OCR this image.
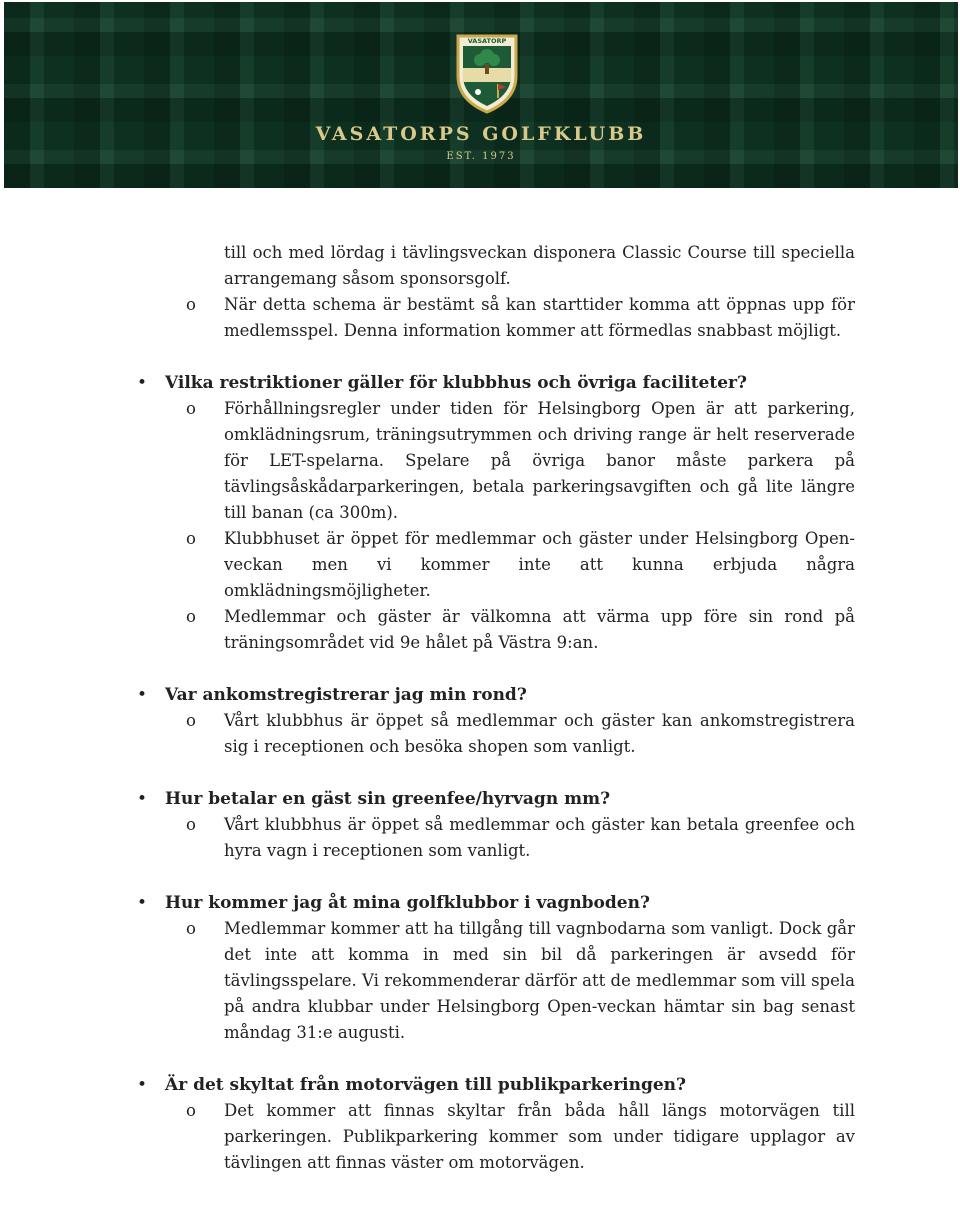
VASATORP
VASATORPS GOLFKLUBB
EST. 1973
till och med lördag i tävlingsveckan disponera Classic Course till speciella arrangemang såsom sponsorsgolf.
o När detta schema är bestämt så kan starttider komma att öppnas upp för medlemsspel. Denna information kommer att förmedlas snabbast möjligt.
• Vilka restriktioner gäller för klubbhus och övriga faciliteter?
o Förhållningsregler under tiden för Helsingborg Open är att parkering, omklädningsrum, träningsutrymmen och driving range är helt reserverade för LET-spelarna. Spelare på övriga banor måste parkera på tävlingsåskådarparkeringen, betala parkeringsavgiften och gå lite längre till banan (ca 300m).
o Klubbhuset är öppet för medlemmar och gäster under Helsingborg Open-veckan men vi kommer inte att kunna erbjuda några omklädningsmöjligheter.
o Medlemmar och gäster är välkomna att värma upp före sin rond på träningsområdet vid 9e hålet på Västra 9:an.
• Var ankomstregistrerar jag min rond?
o Vårt klubbhus är öppet så medlemmar och gäster kan ankomstregistrera sig i receptionen och besöka shopen som vanligt.
• Hur betalar en gäst sin greenfee/hyrvagn mm?
o Vårt klubbhus är öppet så medlemmar och gäster kan betala greenfee och hyra vagn i receptionen som vanligt.
• Hur kommer jag åt mina golfklubbor i vagnboden?
o Medlemmar kommer att ha tillgång till vagnbodarna som vanligt. Dock går det inte att komma in med sin bil då parkeringen är avsedd för tävlingsspelare. Vi rekommenderar därför att de medlemmar som vill spela på andra klubbar under Helsingborg Open-veckan hämtar sin bag senast måndag 31:e augusti.
• Är det skyltat från motorvägen till publikparkeringen?
o Det kommer att finnas skyltar från båda håll längs motorvägen till parkeringen. Publikparkering kommer som under tidigare upplagor av tävlingen att finnas väster om motorvägen.
